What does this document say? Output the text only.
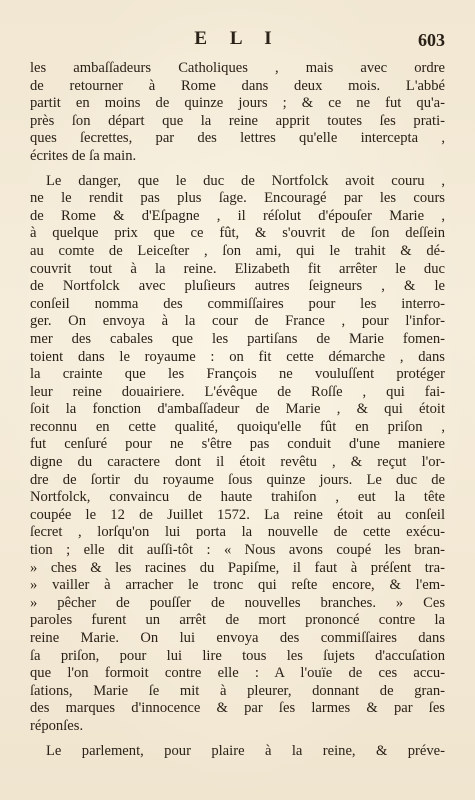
E L I	603
les ambaſſadeurs Catholiques , mais avec ordre
de retourner à Rome dans deux mois. L'abbé
partit en moins de quinze jours ; & ce ne fut qu'a-
près ſon départ que la reine apprit toutes ſes prati-
ques ſecrettes, par des lettres qu'elle intercepta ,
écrites de ſa main.
Le danger, que le duc de Nortfolck avoit couru ,
ne le rendit pas plus ſage. Encouragé par les cours
de Rome & d'Eſpagne , il réſolut d'épouſer Marie ,
à quelque prix que ce fût, & s'ouvrit de ſon deſſein
au comte de Leiceſter , ſon ami, qui le trahit & dé-
couvrit tout à la reine. Elizabeth fit arrêter le duc
de Nortfolck avec pluſieurs autres ſeigneurs , & le
conſeil nomma des commiſſaires pour les interro-
ger. On envoya à la cour de France , pour l'infor-
mer des cabales que les partiſans de Marie fomen-
toient dans le royaume : on fit cette démarche , dans
la crainte que les François ne vouluſſent protéger
leur reine douairiere. L'évêque de Roſſe , qui fai-
ſoit la fonction d'ambaſſadeur de Marie , & qui étoit
reconnu en cette qualité, quoiqu'elle fût en priſon ,
fut cenſuré pour ne s'être pas conduit d'une maniere
digne du caractere dont il étoit revêtu , & reçut l'or-
dre de ſortir du royaume ſous quinze jours. Le duc de
Nortfolck, convaincu de haute trahiſon , eut la tête
coupée le 12 de Juillet 1572. La reine étoit au conſeil
ſecret , lorſqu'on lui porta la nouvelle de cette exécu-
tion ; elle dit auſſi-tôt : « Nous avons coupé les bran-
» ches & les racines du Papiſme, il faut à préſent tra-
» vailler à arracher le tronc qui reſte encore, & l'em-
» pêcher de pouſſer de nouvelles branches. » Ces
paroles furent un arrêt de mort prononcé contre la
reine Marie. On lui envoya des commiſſaires dans
ſa priſon, pour lui lire tous les ſujets d'accuſation
que l'on formoit contre elle : A l'ouïe de ces accu-
ſations, Marie ſe mit à pleurer, donnant de gran-
des marques d'innocence & par ſes larmes & par ſes
réponſes.
Le parlement, pour plaire à la reine, & préve-
